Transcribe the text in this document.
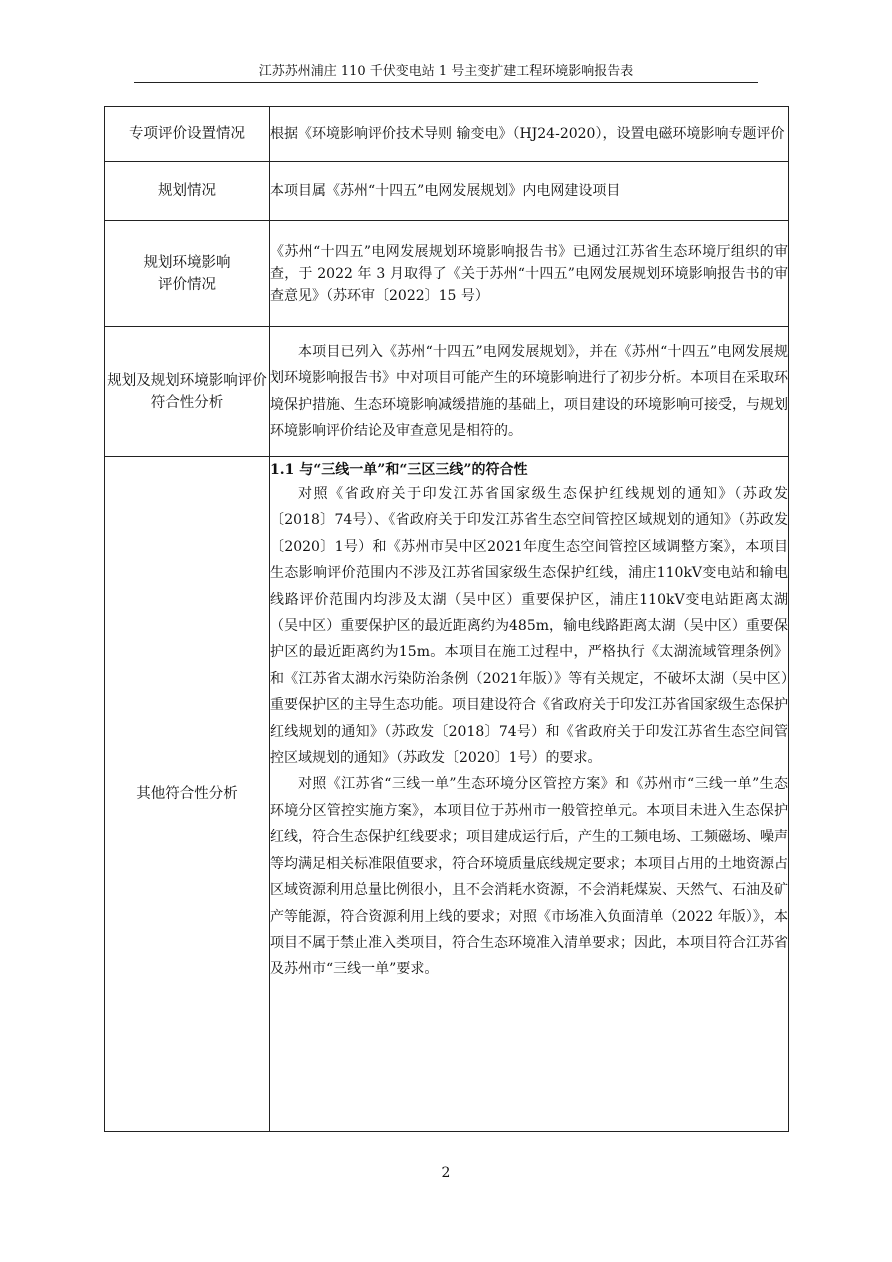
江苏苏州浦庄 110 千伏变电站 1 号主变扩建工程环境影响报告表
专项评价设置情况	根据《环境影响评价技术导则 输变电》（HJ24-2020），设置电磁环境影响专题评价

规划情况	本项目属《苏州“十四五”电网发展规划》内电网建设项目

规划环境影响
评价情况	《苏州“十四五”电网发展规划环境影响报告书》已通过江苏省生态环境厅组织的审查，于 2022 年 3 月取得了《关于苏州“十四五”电网发展规划环境影响报告书的审查意见》（苏环审〔2022〕15 号）

规划及规划环境影响评价符合性分析	本项目已列入《苏州“十四五”电网发展规划》，并在《苏州“十四五”电网发展规划环境影响报告书》中对项目可能产生的环境影响进行了初步分析。本项目在采取环境保护措施、生态环境影响减缓措施的基础上，项目建设的环境影响可接受，与规划环境影响评价结论及审查意见是相符的。

其他符合性分析	1.1 与“三线一单”和“三区三线”的符合性

对照《省政府关于印发江苏省国家级生态保护红线规划的通知》（苏政发〔2018〕74号）、《省政府关于印发江苏省生态空间管控区域规划的通知》（苏政发〔2020〕1号）和《苏州市吴中区2021年度生态空间管控区域调整方案》，本项目生态影响评价范围内不涉及江苏省国家级生态保护红线，浦庄110kV变电站和输电线路评价范围内均涉及太湖（吴中区）重要保护区，浦庄110kV变电站距离太湖（吴中区）重要保护区的最近距离约为485m，输电线路距离太湖（吴中区）重要保护区的最近距离约为15m。本项目在施工过程中，严格执行《太湖流域管理条例》和《江苏省太湖水污染防治条例（2021年版）》等有关规定，不破坏太湖（吴中区）重要保护区的主导生态功能。项目建设符合《省政府关于印发江苏省国家级生态保护红线规划的通知》（苏政发〔2018〕74号）和《省政府关于印发江苏省生态空间管控区域规划的通知》（苏政发〔2020〕1号）的要求。

对照《江苏省“三线一单”生态环境分区管控方案》和《苏州市“三线一单”生态环境分区管控实施方案》，本项目位于苏州市一般管控单元。本项目未进入生态保护红线，符合生态保护红线要求；项目建成运行后，产生的工频电场、工频磁场、噪声等均满足相关标准限值要求，符合环境质量底线规定要求；本项目占用的土地资源占区域资源利用总量比例很小，且不会消耗水资源，不会消耗煤炭、天然气、石油及矿产等能源，符合资源利用上线的要求；对照《市场准入负面清单（2022 年版）》，本项目不属于禁止准入类项目，符合生态环境准入清单要求；因此，本项目符合江苏省及苏州市“三线一单”要求。

2
